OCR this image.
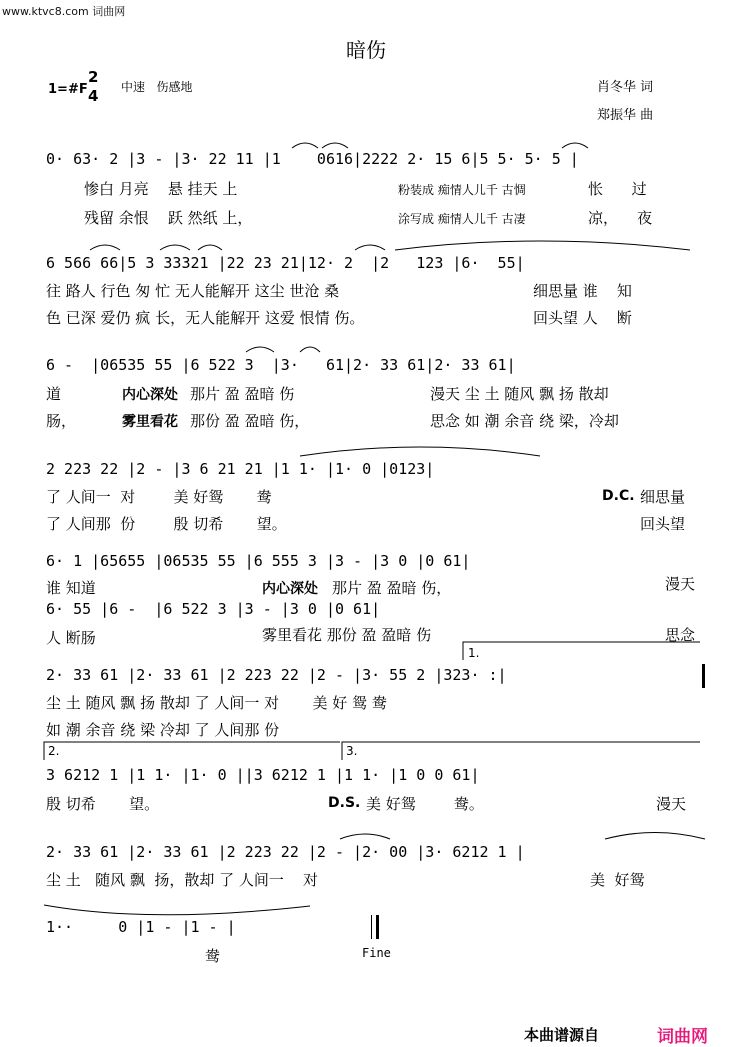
www.ktvc8.com 词曲网
暗伤
1=#F
2
4 中速   伤感地	肖冬华 词
郑振华 曲
0· 63· 2 |3 - |3· 22 11 |1    0616|2222 2· 15 6|5 5· 5· 5 |
惨白 月亮    悬 挂天 上	粉装成 痴情人儿千 古惆	怅      过
残留 余恨    跃 然纸 上，	涂写成 痴情人儿千 古凄	凉，    夜
6 566 66|5 3 33321 |22 23 21|12· 2  |2   123 |6·  55|
往 路人 行色 匆 忙 无人能解开 这尘 世沧 桑	细思量 谁    知
色 已深 爱仍 疯 长，无人能解开 这爱 恨情 伤。	回头望 人    断
6 -  |06535 55 |6 522 3  |3·   61|2· 33 61|2· 33 61|
道	内心深处 那片 盈 盈暗 伤	漫天 尘 土 随风 飘 扬 散却
肠，	雾里看花 那份 盈 盈暗 伤，	思念 如 潮 余音 绕 梁，冷却
2 223 22 |2 - |3 6 21 21 |1 1· |1· 0 |0123|
了 人间一  对        美 好鸳       鸯	D.C. 细思量
了 人间那  份        殷 切希       望。	回头望
6· 1 |65655 |06535 55 |6 555 3 |3 - |3 0 |0 61|
谁 知道	内心深处 那片 盈 盈暗 伤，	漫天
6· 55 |6 -  |6 522 3 |3 - |3 0 |0 61|
人 断肠	雾里看花 那份 盈 盈暗 伤	思念
1.
2· 33 61 |2· 33 61 |2 223 22 |2 - |3· 55 2 |323· :|
尘 土 随风 飘 扬 散却 了 人间一 对       美 好 鸳 鸯
如 潮 余音 绕 梁 冷却 了 人间那 份
2.	3.
3 6212 1 |1 1· |1· 0 ||3 6212 1 |1 1· |1 0 0 61|
殷 切希       望。	D.S. 美 好鸳        鸯。	漫天
2· 33 61 |2· 33 61 |2 223 22 |2 - |2· 00 |3· 6212 1 |
尘 土   随风 飘  扬，散却 了 人间一    对	美  好鸳
1··     0 |1 - |1 - |
鸯	Fine
本曲谱源自	词曲网
